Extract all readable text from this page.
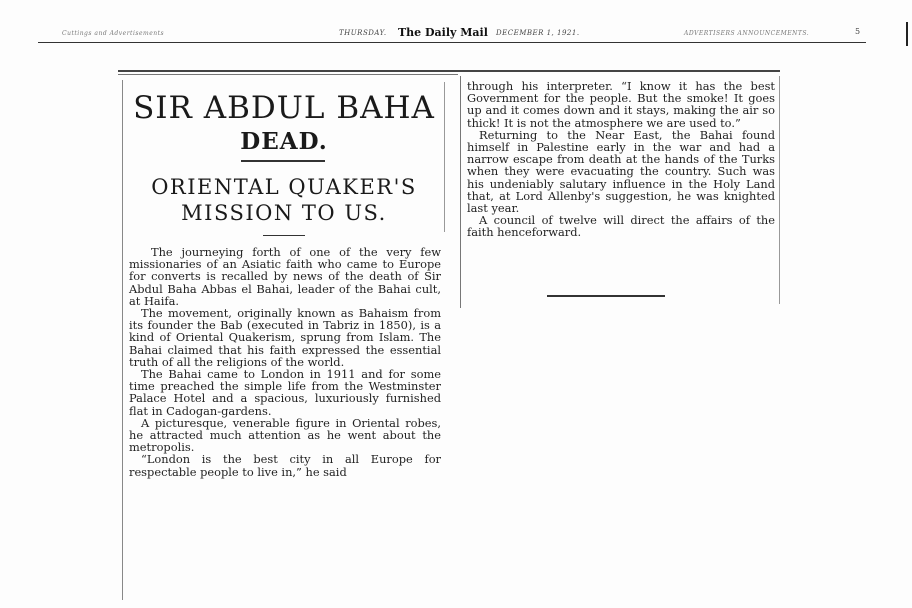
Cuttings and Advertisements	THURSDAY. The Daily Mail DECEMBER 1, 1921.	ADVERTISERS ANNOUNCEMENTS.	5
SIR ABDUL BAHA
DEAD.
ORIENTAL QUAKER'S
MISSION TO US.

The journeying forth of one of the very few missionaries of an Asiatic faith who came to Europe for converts is recalled by news of the death of Sir Abdul Baha Abbas el Bahai, leader of the Bahai cult, at Haifa.
The movement, originally known as Bahaism from its founder the Bab (executed in Tabriz in 1850), is a kind of Oriental Quakerism, sprung from Islam. The Bahai claimed that his faith expressed the essential truth of all the religions of the world.
The Bahai came to London in 1911 and for some time preached the simple life from the Westminster Palace Hotel and a spacious, luxuriously furnished flat in Cadogan-gardens.
A picturesque, venerable figure in Oriental robes, he attracted much attention as he went about the metropolis.
“London is the best city in all Europe for respectable people to live in,” he said

through his interpreter. “I know it has the best Government for the people. But the smoke! It goes up and it comes down and it stays, making the air so thick! It is not the atmosphere we are used to.”
Returning to the Near East, the Bahai found himself in Palestine early in the war and had a narrow escape from death at the hands of the Turks when they were evacuating the country. Such was his undeniably salutary influence in the Holy Land that, at Lord Allenby's suggestion, he was knighted last year.
A council of twelve will direct the affairs of the faith henceforward.
